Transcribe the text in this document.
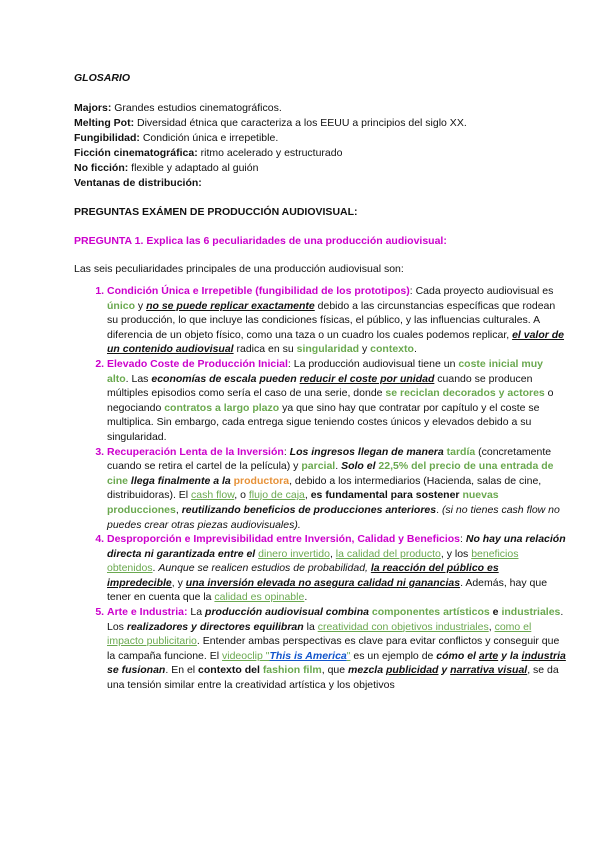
GLOSARIO
Majors: Grandes estudios cinematográficos.
Melting Pot: Diversidad étnica que caracteriza a los EEUU a principios del siglo XX.
Fungibilidad: Condición única e irrepetible.
Ficción cinematográfica: ritmo acelerado y estructurado
No ficción: flexible y adaptado al guión
Ventanas de distribución:
PREGUNTAS EXÁMEN DE PRODUCCIÓN AUDIOVISUAL:
PREGUNTA 1. Explica las 6 peculiaridades de una producción audiovisual:
Las seis peculiaridades principales de una producción audiovisual son:
1. Condición Única e Irrepetible (fungibilidad de los prototipos): Cada proyecto audiovisual es único y no se puede replicar exactamente debido a las circunstancias específicas que rodean su producción, lo que incluye las condiciones físicas, el público, y las influencias culturales. A diferencia de un objeto físico, como una taza o un cuadro los cuales podemos replicar, el valor de un contenido audiovisual radica en su singularidad y contexto.
2. Elevado Coste de Producción Inicial: La producción audiovisual tiene un coste inicial muy alto. Las economías de escala pueden reducir el coste por unidad cuando se producen múltiples episodios como sería el caso de una serie, donde se reciclan decorados y actores o negociando contratos a largo plazo ya que sino hay que contratar por capítulo y el coste se multiplica. Sin embargo, cada entrega sigue teniendo costes únicos y elevados debido a su singularidad.
3. Recuperación Lenta de la Inversión: Los ingresos llegan de manera tardía (concretamente cuando se retira el cartel de la película) y parcial. Solo el 22,5% del precio de una entrada de cine llega finalmente a la productora, debido a los intermediarios (Hacienda, salas de cine, distribuidoras). El cash flow, o flujo de caja, es fundamental para sostener nuevas producciones, reutilizando beneficios de producciones anteriores. (si no tienes cash flow no puedes crear otras piezas audiovisuales).
4. Desproporción e Imprevisibilidad entre Inversión, Calidad y Beneficios: No hay una relación directa ni garantizada entre el dinero invertido, la calidad del producto, y los beneficios obtenidos. Aunque se realicen estudios de probabilidad, la reacción del público es impredecible, y una inversión elevada no asegura calidad ni ganancias. Además, hay que tener en cuenta que la calidad es opinable.
5. Arte e Industria: La producción audiovisual combina componentes artísticos e industriales. Los realizadores y directores equilibran la creatividad con objetivos industriales, como el impacto publicitario. Entender ambas perspectivas es clave para evitar conflictos y conseguir que la campaña funcione. El videoclip "This is America" es un ejemplo de cómo el arte y la industria se fusionan. En el contexto del fashion film, que mezcla publicidad y narrativa visual, se da una tensión similar entre la creatividad artística y los objetivos
